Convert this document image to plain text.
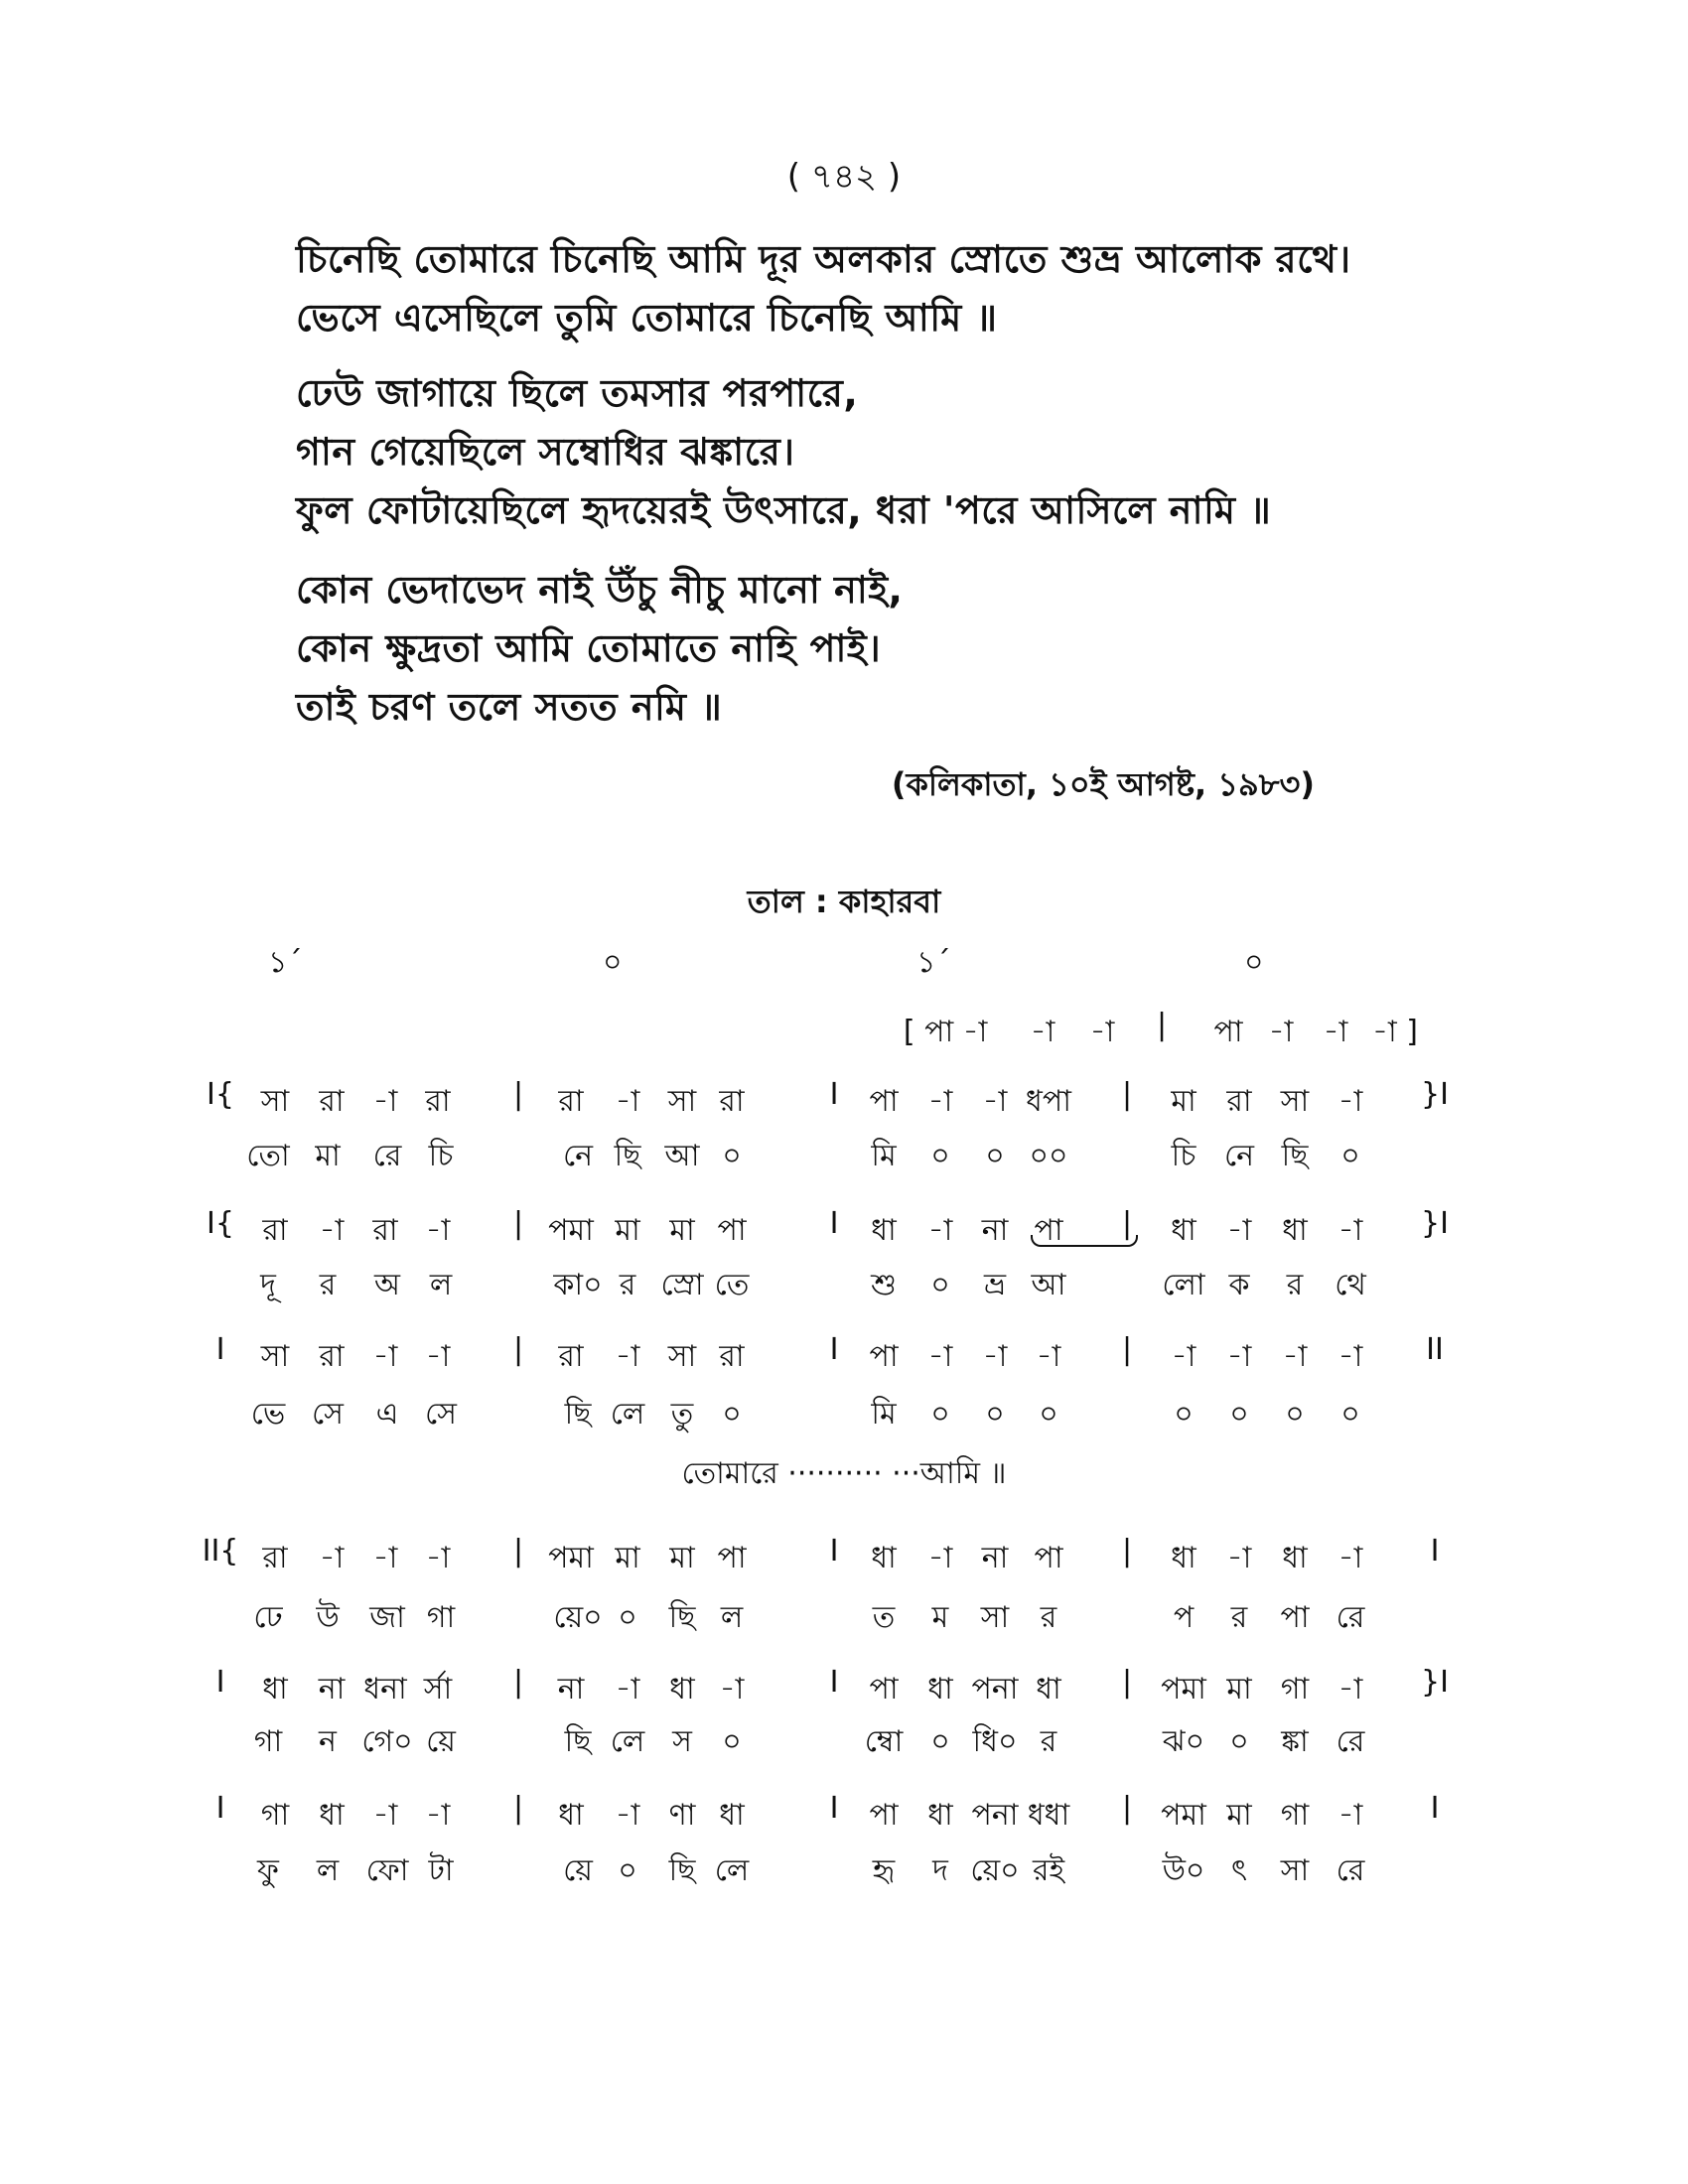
( ৭৪২ )
চিনেছি তোমারে চিনেছি আমি দূর অলকার স্রোতে শুভ্র আলোক রথে।
ভেসে এসেছিলে তুমি তোমারে চিনেছি আমি ॥
ঢেউ জাগায়ে ছিলে তমসার পরপারে,
গান গেয়েছিলে সম্বোধির ঝঙ্কারে।
ফুল ফোটায়েছিলে হৃদয়েরই উৎসারে, ধরা 'পরে আসিলে নামি ॥
কোন ভেদাভেদ নাই উঁচু নীচু মানো নাই,
কোন ক্ষুদ্রতা আমি তোমাতে নাহি পাই।
তাই চরণ তলে সতত নমি ॥
(কলিকাতা, ১০ই আগষ্ট, ১৯৮৩)
তাল : কাহারবা
১´	০	১´	০
[ পা -া -া -া | পা -া -া -া ]
I{ সা রা -া রা | রা -া সা রা	I পা -া -া ধপা | মা রা সা -া }I
তো মা রে চি	নে ছি আ ০	মি ০ ০ ০০	চি নে ছি ০
I{ রা -া রা -া | পমা মা মা পা	I ধা -া না পা | ধা -া ধা -া }I
দূ র অ ল	কা০ র স্রো তে	শু ০ ভ্র আ	লো ক র থে
I সা রা -া -া | রা -া সা রা	I পা -া -া -া | -া -া -া -া II
ভে সে এ সে	ছি লে তু ০	মি ০ ০ ০	০ ০ ০ ০
II{ রা -া -া -া | পমা মা মা পা	I ধা -া না পা | ধা -া ধা -া I
ঢে উ জা গা	য়ে০ ০ ছি ল	ত ম সা র	প র পা রে
I ধা না ধনা র্সা | না -া ধা -া	I পা ধা পনা ধা | পমা মা গা -া }I
গা ন গে০ য়ে	ছি লে স ০	ম্বো ০ ধি০ র	ঝ০ ০ ঙ্কা রে
I গা ধা -া -া | ধা -া ণা ধা	I পা ধা পনা ধধা | পমা মা গা -া I
ফু ল ফো টা	য়ে ০ ছি লে	হৃ দ য়ে০ রই	উ০ ৎ সা রে
তোমারে ·········· ···আমি ॥
